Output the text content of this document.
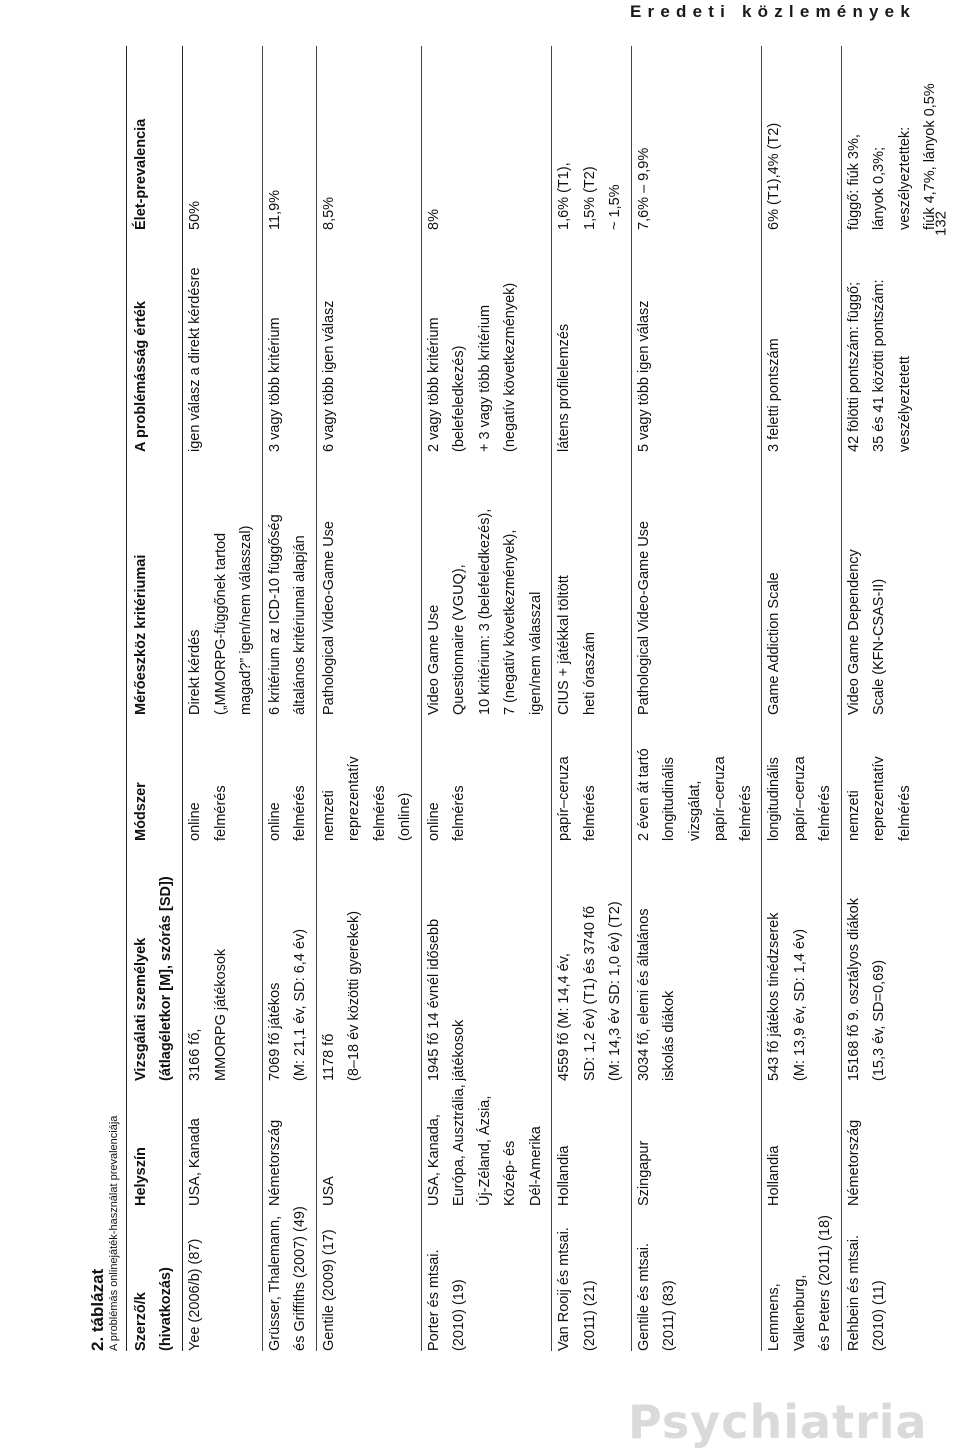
Eredeti közlemények
132
2. táblázat A problémás onlinejáték-használat prevalenciája Szerző/k
(hivatkozás)
Helyszín
Vizsgálati személyek
(átlagéletkor [M], szórás [SD])
Módszer
Mérőeszköz kritériumai
A problémásság érték
Élet-prevalencia
Yee (2006/b) (87)
USA, Kanada
3166 fő,
MMORPG játékosok
online
felmérés
Direkt kérdés
(„MMORPG-függőnek tartod
magad?” igen/nem válasszal)
igen válasz a direkt kérdésre
50%
Grüsser, Thalemann,
és Griffiths (2007) (49)
Németország
7069 fő játékos
(M: 21,1 év, SD: 6,4 év)
online
felmérés
6 kritérium az ICD-10 függőség
általános kritériumai alapján
3 vagy több kritérium
11,9%
Gentile (2009) (17)
USA
1178 fő
(8–18 év közötti gyerekek)
nemzeti
reprezentatív
felmérés
(online)
Pathological Video-Game Use
6 vagy több igen válasz
8,5%
Porter és mtsai.
(2010) (19)
USA, Kanada,
Európa, Ausztrália,
Új-Zéland, Ázsia,
Közép- és
Dél-Amerika
1945 fő 14 évnél idősebb
játékosok
online
felmérés
Video Game Use
Questionnaire (VGUQ),
10 kritérium: 3 (belefeledkezés),
7 (negatív következmények),
igen/nem válasszal
2 vagy több kritérium
(belefeledkezés)
+ 3 vagy több kritérium
(negatív következmények)
8%
Van Rooij és mtsai.
(2011) (21)
Hollandia
4559 fő (M: 14,4 év,
SD: 1,2 év) (T1) és 3740 fő
(M: 14,3 év SD: 1,0 év) (T2)
papír–ceruza
felmérés
CIUS + játékkal töltött
heti óraszám
látens profilelemzés
1,6% (T1),
1,5% (T2)
~ 1,5%
Gentile és mtsai.
(2011) (83)
Szingapur
3034 fő, elemi és általános
iskolás diákok
2 éven át tartó
longitudinális
vizsgálat,
papír–ceruza
felmérés
Pathological Video-Game Use
5 vagy több igen válasz
7,6% – 9,9%
Lemmens, Valkenburg,
és Peters (2011) (18)
Hollandia
543 fő játékos tinédzserek
(M: 13,9 év, SD: 1,4 év)
longitudinális
papír–ceruza
felmérés
Game Addiction Scale
3 feletti pontszám
6% (T1),4% (T2)
Rehbein és mtsai.
(2010) (11)
Németország
15168 fő 9. osztályos diákok
(15,3 év, SD=0,69)
nemzeti
reprezentatív
felmérés
Video Game Dependency
Scale (KFN-CSAS-II)
42 fölötti pontszám: függő;
35 és 41 közötti pontszám:
veszélyeztetett
függő: fiúk 3%,
lányok 0,3%;
veszélyeztettek:
fiúk 4,7%, lányok 0,5%
Psychiatria
